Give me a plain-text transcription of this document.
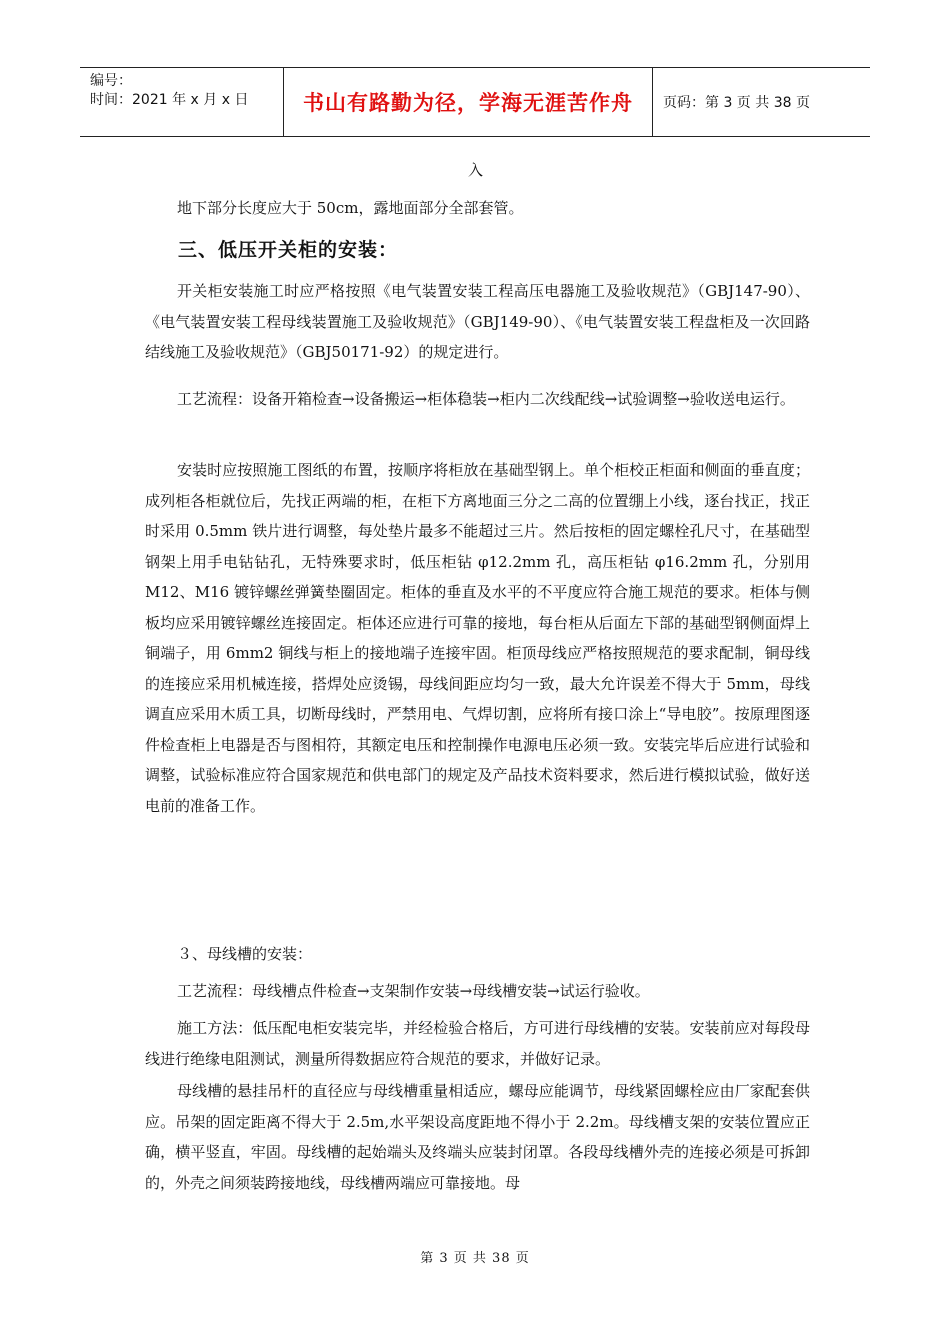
编号：
时间：2021 年 x 月 x 日	书山有路勤为径，学海无涯苦作舟	页码：第 3 页 共 38 页

入

地下部分长度应大于 50cm，露地面部分全部套管。

三、低压开关柜的安装：

开关柜安装施工时应严格按照《电气装置安装工程高压电器施工及验收规范》（GBJ147-90）、《电气装置安装工程母线装置施工及验收规范》（GBJ149-90）、《电气装置安装工程盘柜及一次回路结线施工及验收规范》（GBJ50171-92）的规定进行。

工艺流程：设备开箱检查→设备搬运→柜体稳装→柜内二次线配线→试验调整→验收送电运行。

安装时应按照施工图纸的布置，按顺序将柜放在基础型钢上。单个柜校正柜面和侧面的垂直度；成列柜各柜就位后，先找正两端的柜，在柜下方离地面三分之二高的位置绷上小线，逐台找正，找正时采用 0.5mm 铁片进行调整，每处垫片最多不能超过三片。然后按柜的固定螺栓孔尺寸，在基础型钢架上用手电钻钻孔，无特殊要求时，低压柜钻 φ12.2mm 孔，高压柜钻 φ16.2mm 孔，分别用 M12、M16 镀锌螺丝弹簧垫圈固定。柜体的垂直及水平的不平度应符合施工规范的要求。柜体与侧板均应采用镀锌螺丝连接固定。柜体还应进行可靠的接地，每台柜从后面左下部的基础型钢侧面焊上铜端子，用 6mm2 铜线与柜上的接地端子连接牢固。柜顶母线应严格按照规范的要求配制，铜母线的连接应采用机械连接，搭焊处应烫锡，母线间距应均匀一致，最大允许误差不得大于 5mm，母线调直应采用木质工具，切断母线时，严禁用电、气焊切割，应将所有接口涂上“导电胶”。按原理图逐件检查柜上电器是否与图相符，其额定电压和控制操作电源电压必须一致。安装完毕后应进行试验和调整，试验标准应符合国家规范和供电部门的规定及产品技术资料要求，然后进行模拟试验，做好送电前的准备工作。

３、母线槽的安装：

工艺流程：母线槽点件检查→支架制作安装→母线槽安装→试运行验收。

施工方法：低压配电柜安装完毕，并经检验合格后，方可进行母线槽的安装。安装前应对每段母线进行绝缘电阻测试，测量所得数据应符合规范的要求，并做好记录。

母线槽的悬挂吊杆的直径应与母线槽重量相适应，螺母应能调节，母线紧固螺栓应由厂家配套供应。吊架的固定距离不得大于 2.5m,水平架设高度距地不得小于 2.2m。母线槽支架的安装位置应正确，横平竖直，牢固。母线槽的起始端头及终端头应装封闭罩。各段母线槽外壳的连接必须是可拆卸的，外壳之间须装跨接地线，母线槽两端应可靠接地。母

第 3 页 共 38 页
